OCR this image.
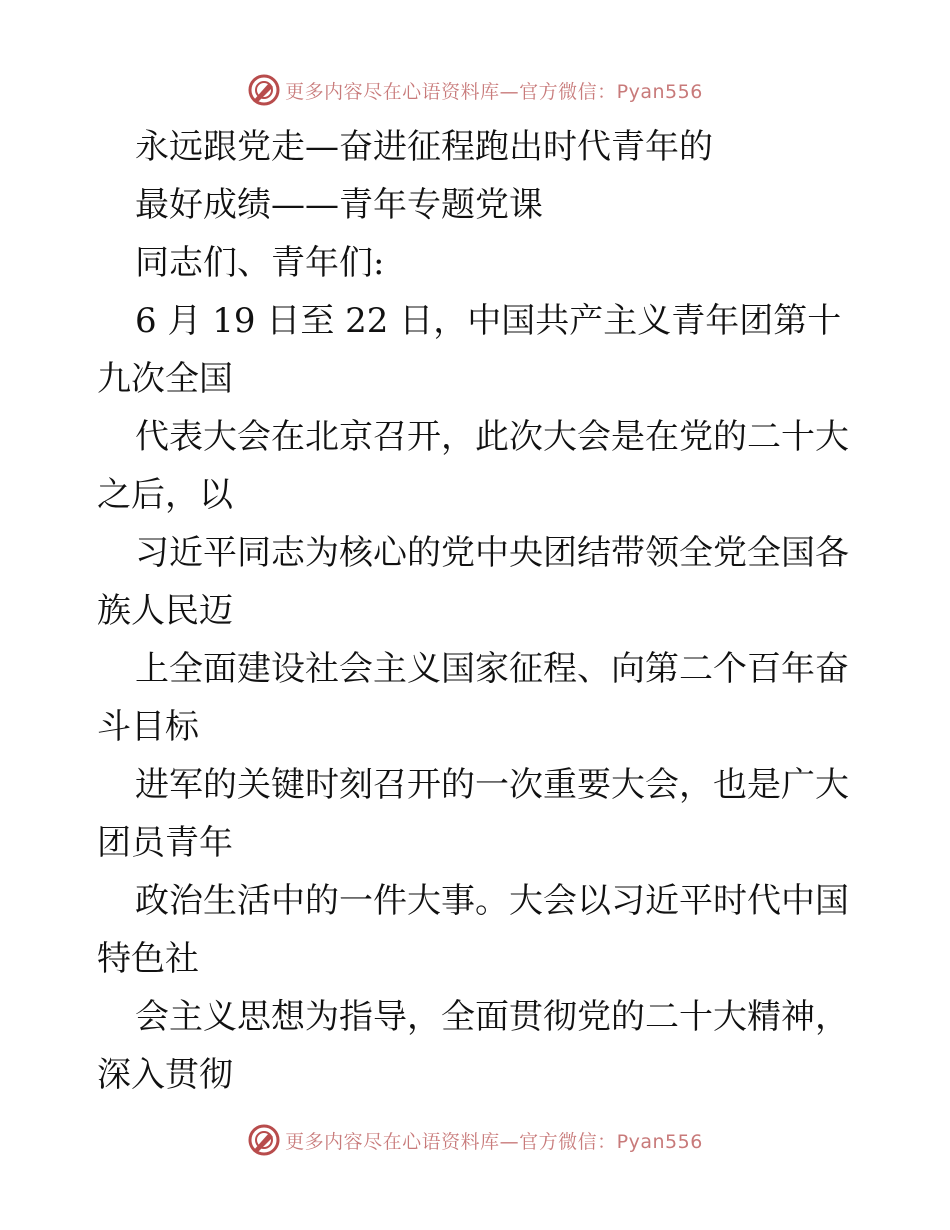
更多内容尽在心语资料库—官方微信：Pyan556
永远跟党走—奋进征程跑出时代青年的
最好成绩——青年专题党课
同志们、青年们:
6 月 19 日至 22 日，中国共产主义青年团第十
九次全国
代表大会在北京召开，此次大会是在党的二十大
之后，以
习近平同志为核心的党中央团结带领全党全国各
族人民迈
上全面建设社会主义国家征程、向第二个百年奋
斗目标
进军的关键时刻召开的一次重要大会，也是广大
团员青年
政治生活中的一件大事。大会以习近平时代中国
特色社
会主义思想为指导，全面贯彻党的二十大精神，
深入贯彻
更多内容尽在心语资料库—官方微信：Pyan556
